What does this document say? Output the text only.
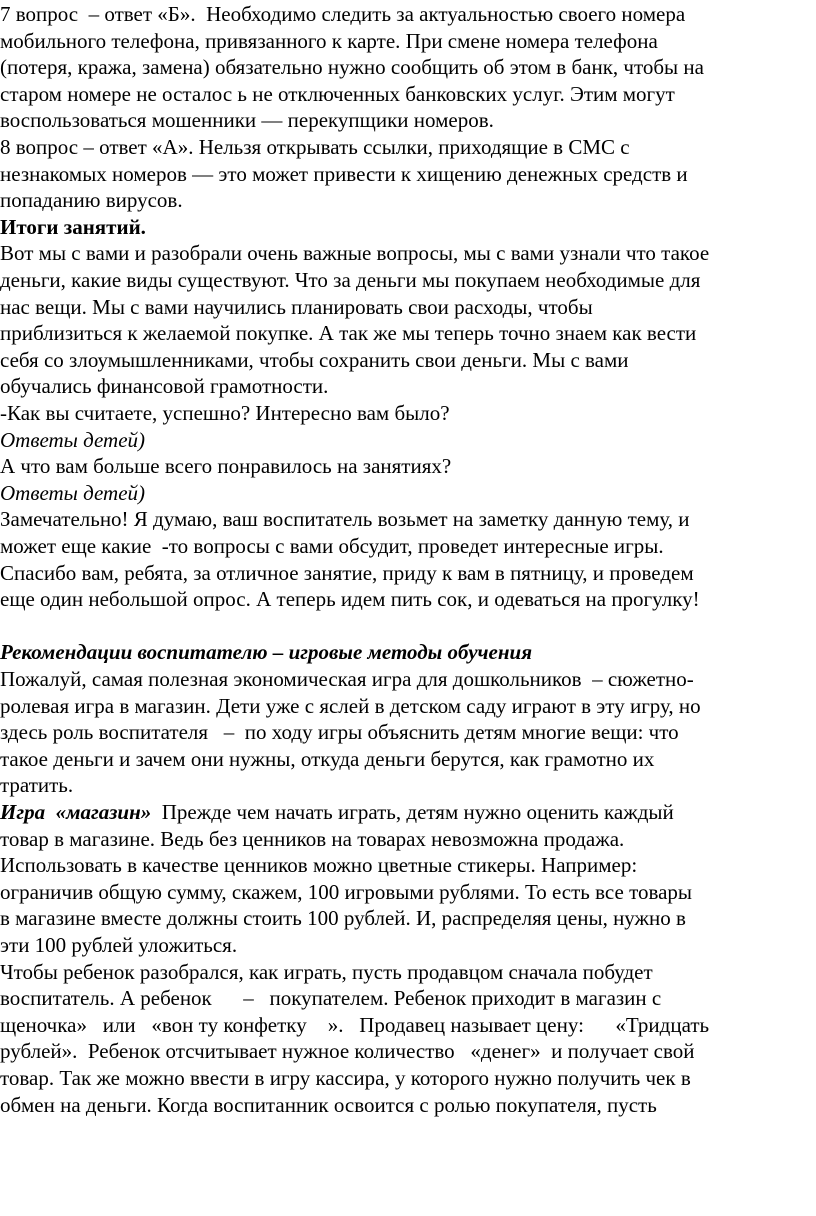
7 вопрос  – ответ «Б».  Необходимо следить за актуальностью своего номера
мобильного телефона, привязанного к карте. При смене номера телефона
(потеря, кража, замена) обязательно нужно сообщить об этом в банк, чтобы на
старом номере не осталос ь не отключенных банковских услуг. Этим могут
воспользоваться мошенники — перекупщики номеров.
8 вопрос – ответ «А». Нельзя открывать ссылки, приходящие в СМС с
незнакомых номеров — это может привести к хищению денежных средств и
попаданию вирусов.
Итоги занятий.
Вот мы с вами и разобрали очень важные вопросы, мы с вами узнали что такое
деньги, какие виды существуют. Что за деньги мы покупаем необходимые для
нас вещи. Мы с вами научились планировать свои расходы, чтобы
приблизиться к желаемой покупке. А так же мы теперь точно знаем как вести
себя со злоумышленниками, чтобы сохранить свои деньги. Мы с вами
обучались финансовой грамотности.
-Как вы считаете, успешно? Интересно вам было?
Ответы детей)
А что вам больше всего понравилось на занятиях?
Ответы детей)
Замечательно! Я думаю, ваш воспитатель возьмет на заметку данную тему, и
может еще какие  -то вопросы с вами обсудит, проведет интересные игры.
Спасибо вам, ребята, за отличное занятие, приду к вам в пятницу, и проведем
еще один небольшой опрос. А теперь идем пить сок, и одеваться на прогулку!
Рекомендации воспитателю – игровые методы обучения
Пожалуй, самая полезная экономическая игра для дошкольников  – сюжетно-
ролевая игра в магазин. Дети уже с яслей в детском саду играют в эту игру, но
здесь роль воспитателя   –  по ходу игры объяснить детям многие вещи: что
такое деньги и зачем они нужны, откуда деньги берутся, как грамотно их
тратить.
Игра  «магазин»  Прежде чем начать играть, детям нужно оценить каждый
товар в магазине. Ведь без ценников на товарах невозможна продажа.
Использовать в качестве ценников можно цветные стикеры. Например:
ограничив общую сумму, скажем, 100 игровыми рублями. То есть все товары
в магазине вместе должны стоить 100 рублей. И, распределяя цены, нужно в
эти 100 рублей уложиться.
Чтобы ребенок разобрался, как играть, пусть продавцом сначала побудет
воспитатель. А ребенок      –   покупателем. Ребенок приходит в магазин с
щеночка»   или   «вон ту конфетку    ».   Продавец называет цену:      «Тридцать
рублей».  Ребенок отсчитывает нужное количество   «денег»  и получает свой
товар. Так же можно ввести в игру кассира, у которого нужно получить чек в
обмен на деньги. Когда воспитанник освоится с ролью покупателя, пусть
